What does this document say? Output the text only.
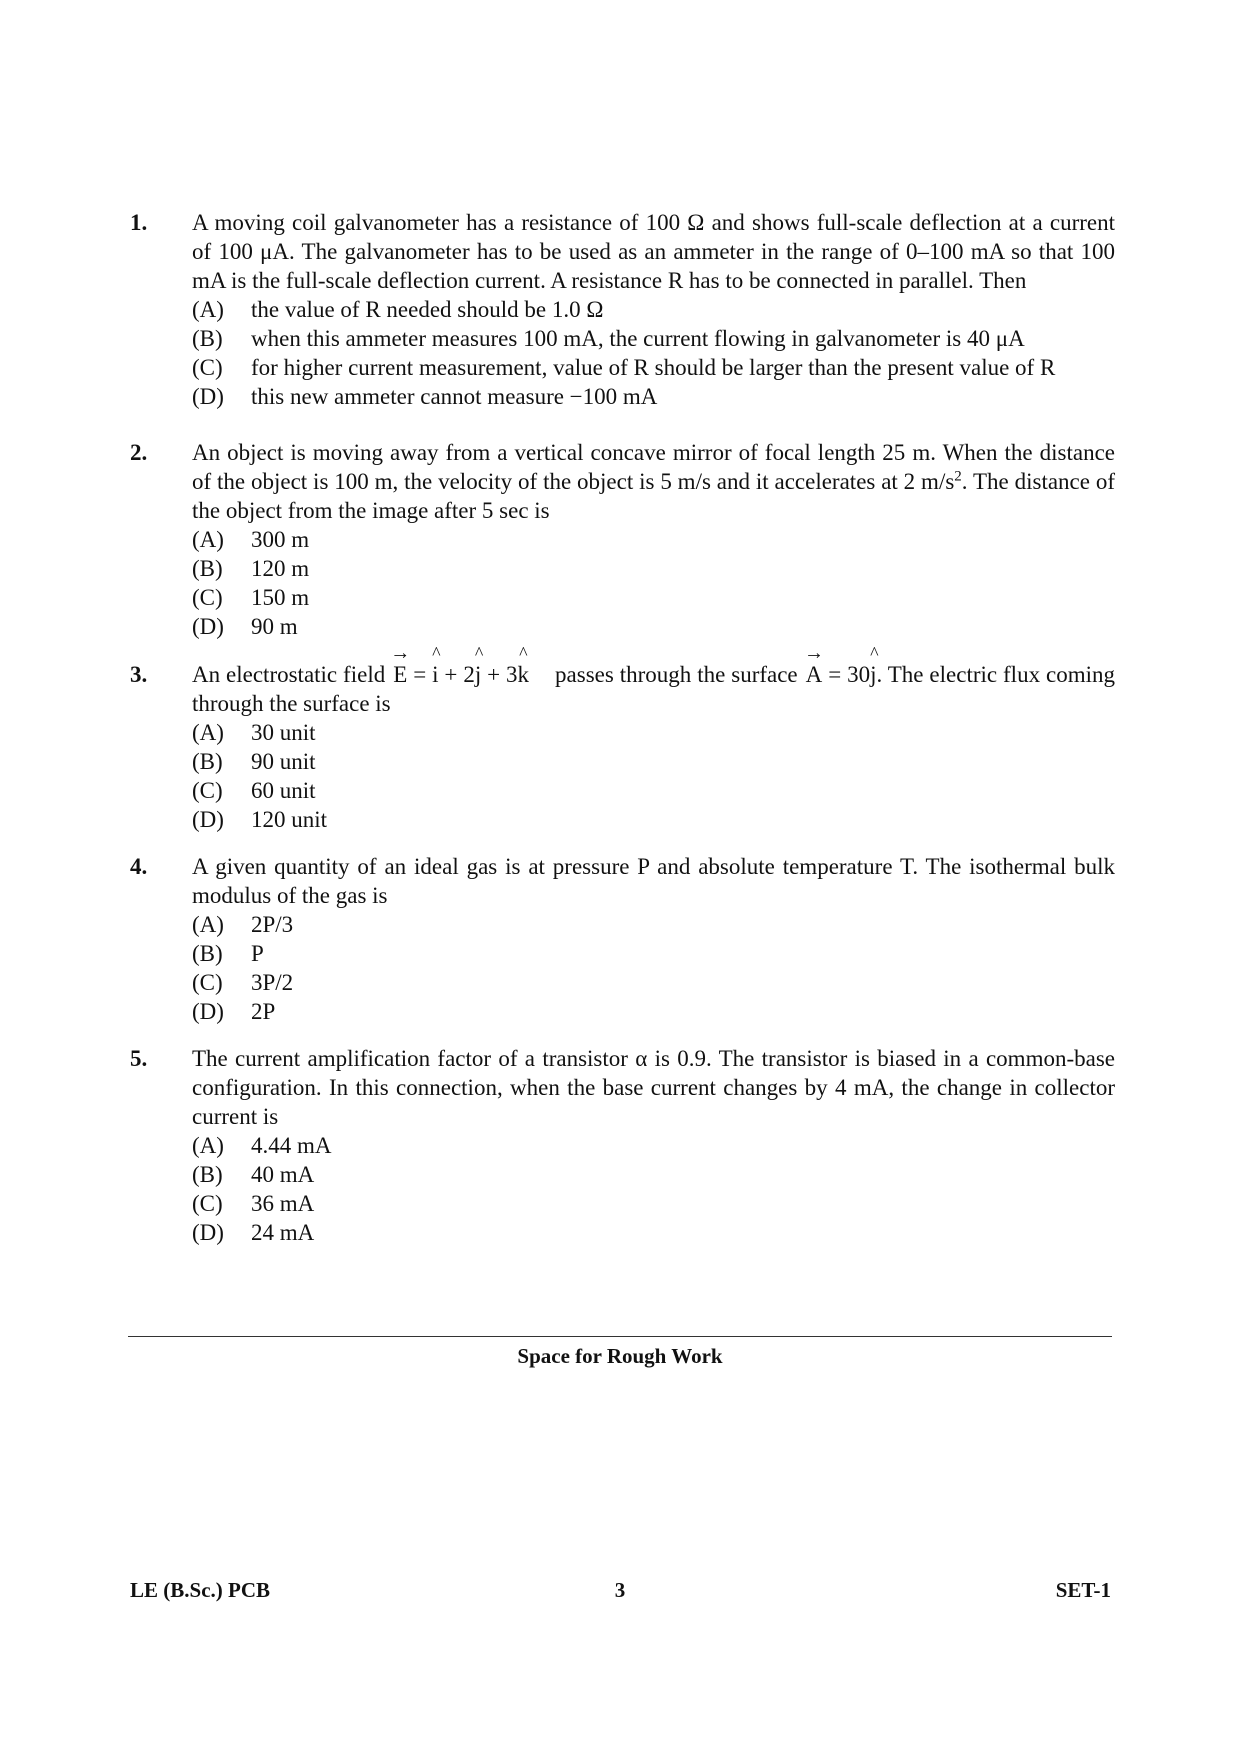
1. A moving coil galvanometer has a resistance of 100 Ω and shows full-scale deflection at a current of 100 μA. The galvanometer has to be used as an ammeter in the range of 0–100 mA so that 100 mA is the full-scale deflection current. A resistance R has to be connected in parallel. Then
(A) the value of R needed should be 1.0 Ω
(B) when this ammeter measures 100 mA, the current flowing in galvanometer is 40 μA
(C) for higher current measurement, value of R should be larger than the present value of R
(D) this new ammeter cannot measure −100 mA
2. An object is moving away from a vertical concave mirror of focal length 25 m. When the distance of the object is 100 m, the velocity of the object is 5 m/s and it accelerates at 2 $m/s^2$. The distance of the object from the image after 5 sec is
(A) 300 m
(B) 120 m
(C) 150 m
(D) 90 m
3. An electrostatic field
→
E =
^
i + 2
^
j + 3
^
k passes through the surface
→
A = 30
^
j. The electric flux coming through the surface is
(A) 30 unit
(B) 90 unit
(C) 60 unit
(D) 120 unit
4. A given quantity of an ideal gas is at pressure P and absolute temperature T. The isothermal bulk modulus of the gas is
(A) 2P/3
(B) P
(C) 3P/2
(D) 2P
5. The current amplification factor of a transistor α is 0.9. The transistor is biased in a common-base configuration. In this connection, when the base current changes by 4 mA, the change in collector current is
(A) 4.44 mA
(B) 40 mA
(C) 36 mA
(D) 24 mA
Space for Rough Work
LE (B.Sc.) PCB	3	SET-1
